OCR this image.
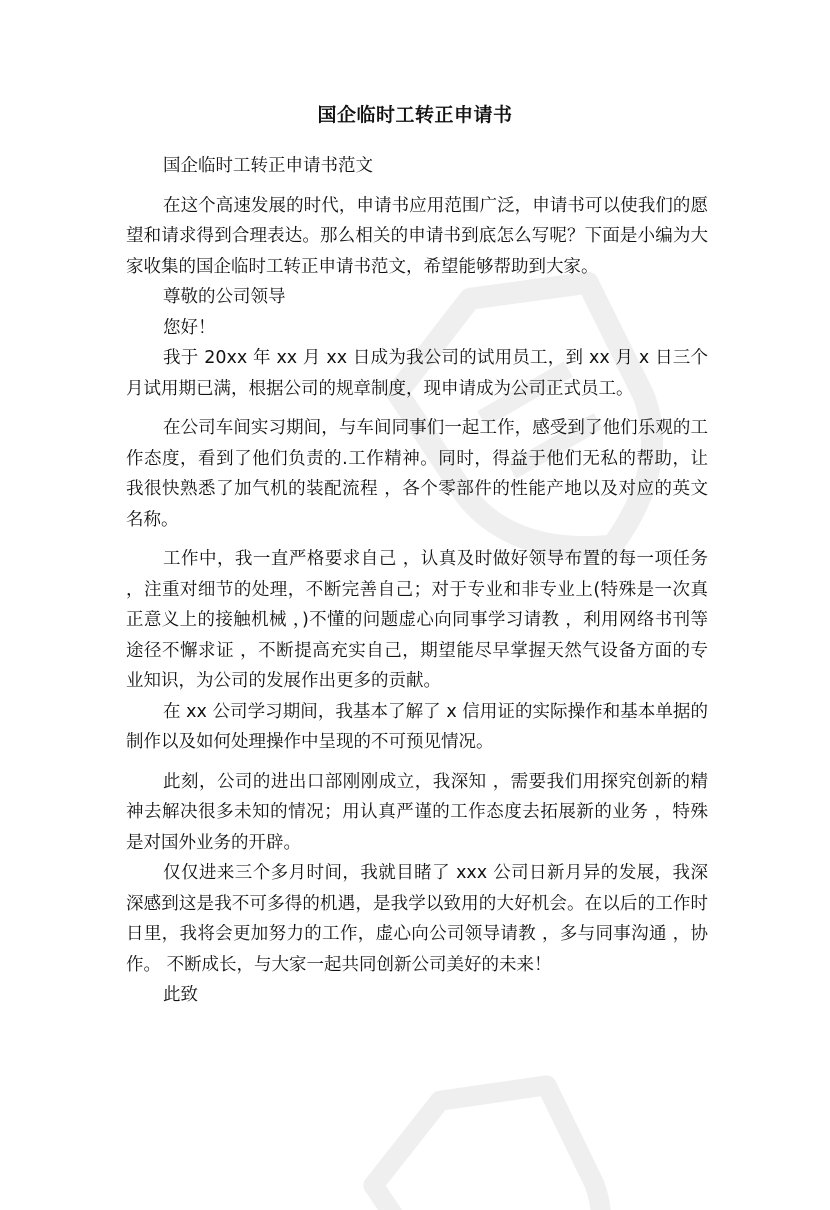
国企临时工转正申请书

国企临时工转正申请书范文

在这个高速发展的时代，申请书应用范围广泛，申请书可以使我们的愿望和请求得到合理表达。那么相关的申请书到底怎么写呢？下面是小编为大家收集的国企临时工转正申请书范文，希望能够帮助到大家。

尊敬的公司领导

您好！

我于 20xx 年 xx 月 xx 日成为我公司的试用员工，到 xx 月 x 日三个月试用期已满，根据公司的规章制度，现申请成为公司正式员工。

在公司车间实习期间，与车间同事们一起工作，感受到了他们乐观的工作态度，看到了他们负责的.工作精神。同时，得益于他们无私的帮助，让我很快熟悉了加气机的装配流程 ，各个零部件的性能产地以及对应的英文名称。

工作中，我一直严格要求自己 ，认真及时做好领导布置的每一项任务 ，注重对细节的处理，不断完善自己；对于专业和非专业上(特殊是一次真正意义上的接触机械 ，)不懂的问题虚心向同事学习请教 ，利用网络书刊等途径不懈求证 ，不断提高充实自己，期望能尽早掌握天然气设备方面的专业知识，为公司的发展作出更多的贡献。

在 xx 公司学习期间，我基本了解了 x 信用证的实际操作和基本单据的制作以及如何处理操作中呈现的不可预见情况。

此刻，公司的进出口部刚刚成立，我深知 ，需要我们用探究创新的精神去解决很多未知的情况；用认真严谨的工作态度去拓展新的业务 ，特殊是对国外业务的开辟。

仅仅进来三个多月时间，我就目睹了 xxx 公司日新月异的发展，我深深感到这是我不可多得的机遇，是我学以致用的大好机会。在以后的工作时日里，我将会更加努力的工作，虚心向公司领导请教 ，多与同事沟通 ，协作。 不断成长，与大家一起共同创新公司美好的未来！

此致
